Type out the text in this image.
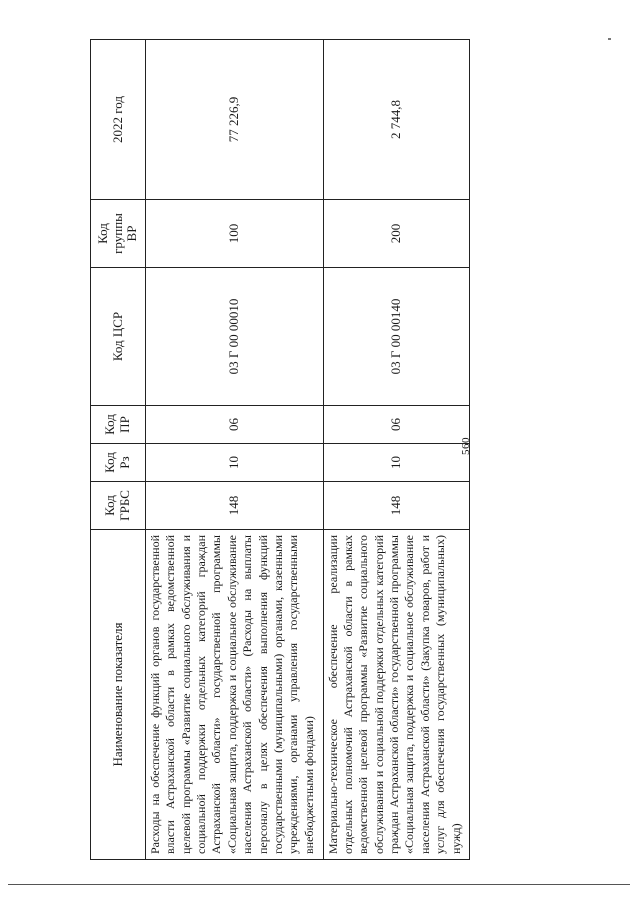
560
Наименование показателя	Код ГРБС	Код Рз	Код ПР	Код ЦСР	Код группы ВР	2022 год
Расходы на обеспечение функций органов государственной власти Астраханской области в рамках ведомственной целевой программы «Развитие социального обслуживания и социальной поддержки отдельных категорий граждан Астраханской области» государственной программы «Социальная защита, поддержка и социальное обслуживание населения Астраханской области» (Расходы на выплаты персоналу в целях обеспечения выполнения функций государственными (муниципальными) органами, казенными учреждениями, органами управления государственными внебюджетными фондами)	148	10	06	03 Г 00 00010	100	77 226,9
Материально-техническое обеспечение реализации отдельных полномочий Астраханской области в рамках ведомственной целевой программы «Развитие социального обслуживания и социальной поддержки отдельных категорий граждан Астраханской области» государственной программы «Социальная защита, поддержка и социальное обслуживание населения Астраханской области» (Закупка товаров, работ и услуг для обеспечения государственных (муниципальных) нужд)	148	10	06	03 Г 00 00140	200	2 744,8
